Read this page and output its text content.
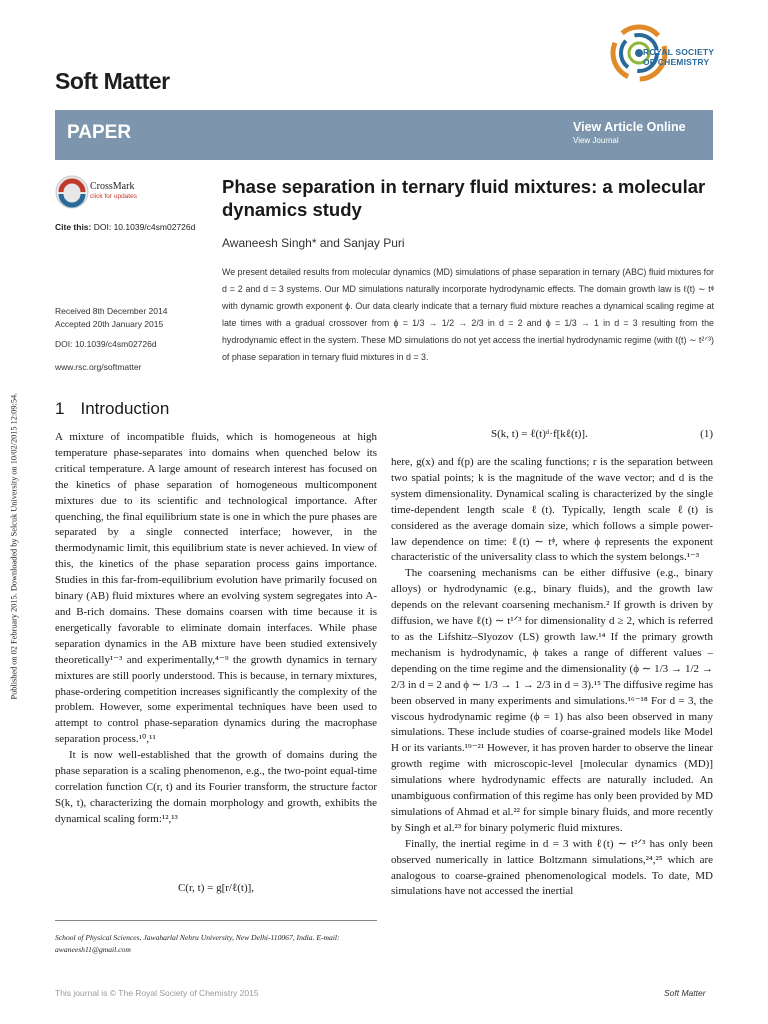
Published on 02 February 2015. Downloaded by Selcuk University on 10/02/2015 12:09:54.
ROYAL SOCIETY
OF CHEMISTRY
Soft Matter
PAPER	View Article Online
View Journal
CrossMark
click for updates
Cite this: DOI: 10.1039/c4sm02726d
Phase separation in ternary fluid mixtures: a molecular dynamics study
Awaneesh Singh* and Sanjay Puri
We present detailed results from molecular dynamics (MD) simulations of phase separation in ternary (ABC) fluid mixtures for d = 2 and d = 3 systems. Our MD simulations naturally incorporate hydrodynamic effects. The domain growth law is ℓ(t) ∼ tᶲ with dynamic growth exponent ϕ. Our data clearly indicate that a ternary fluid mixture reaches a dynamical scaling regime at late times with a gradual crossover from ϕ = 1/3 → 1/2 → 2/3 in d = 2 and ϕ = 1/3 → 1 in d = 3 resulting from the hydrodynamic effect in the system. These MD simulations do not yet access the inertial hydrodynamic regime (with ℓ(t) ∼ t²ᐟ³) of phase separation in ternary fluid mixtures in d = 3.
Received 8th December 2014
Accepted 20th January 2015
DOI: 10.1039/c4sm02726d
www.rsc.org/softmatter
1 Introduction

A mixture of incompatible fluids, which is homogeneous at high temperature phase-separates into domains when quenched below its critical temperature. A large amount of research interest has focused on the kinetics of phase separation of homogeneous multicomponent mixtures due to its scientific and technological importance. After quenching, the final equilibrium state is one in which the pure phases are separated by a single connected interface; however, in the thermodynamic limit, this equilibrium state is never achieved. In view of this, the kinetics of the phase separation process gains importance. Studies in this far-from-equilibrium evolution have primarily focused on binary (AB) fluid mixtures where an evolving system segregates into A- and B-rich domains. These domains coarsen with time because it is energetically favorable to eliminate domain interfaces. While phase separation dynamics in the AB mixture have been studied extensively theoretically¹⁻³ and experimentally,⁴⁻⁹ the growth dynamics in ternary mixtures are still poorly understood. This is because, in ternary mixtures, phase-ordering competition increases significantly the complexity of the problem. However, some experimental techniques have been used to attempt to control phase-separation dynamics during the macrophase separation process.¹⁰,¹¹

It is now well-established that the growth of domains during the phase separation is a scaling phenomenon, e.g., the two-point equal-time correlation function C(r, t) and its Fourier transform, the structure factor S(k, t), characterizing the domain morphology and growth, exhibits the dynamical scaling form:¹²,¹³

C(r, t) = g[r/ℓ(t)],
S(k, t) = ℓ(t)ᵈ·f[kℓ(t)].	(1)

here, g(x) and f(p) are the scaling functions; r is the separation between two spatial points; k is the magnitude of the wave vector; and d is the system dimensionality. Dynamical scaling is characterized by the single time-dependent length scale ℓ(t). Typically, length scale ℓ(t) is considered as the average domain size, which follows a simple power-law dependence on time: ℓ(t) ∼ tᶲ, where ϕ represents the exponent characteristic of the universality class to which the system belongs.¹⁻³

The coarsening mechanisms can be either diffusive (e.g., binary alloys) or hydrodynamic (e.g., binary fluids), and the growth law depends on the relevant coarsening mechanism.² If growth is driven by diffusion, we have ℓ(t) ∼ t¹ᐟ³ for dimensionality d ≥ 2, which is referred to as the Lifshitz–Slyozov (LS) growth law.¹⁴ If the primary growth mechanism is hydrodynamic, ϕ takes a range of different values – depending on the time regime and the dimensionality (ϕ ∼ 1/3 → 1/2 → 2/3 in d = 2 and ϕ ∼ 1/3 → 1 → 2/3 in d = 3).¹⁵ The diffusive regime has been observed in many experiments and simulations.¹⁶⁻¹⁸ For d = 3, the viscous hydrodynamic regime (ϕ = 1) has also been observed in many simulations. These include studies of coarse-grained models like Model H or its variants.¹⁹⁻²¹ However, it has proven harder to observe the linear growth regime with microscopic-level [molecular dynamics (MD)] simulations where hydrodynamic effects are naturally included. An unambiguous confirmation of this regime has only been provided by MD simulations of Ahmad et al.²² for simple binary fluids, and more recently by Singh et al.²³ for binary polymeric fluid mixtures.

Finally, the inertial regime in d = 3 with ℓ(t) ∼ t²ᐟ³ has only been observed numerically in lattice Boltzmann simulations,²⁴,²⁵ which are analogous to coarse-grained phenomenological models. To date, MD simulations have not accessed the inertial

School of Physical Sciences, Jawaharlal Nehru University, New Delhi-110067, India. E-mail: awaneesh11@gmail.com
This journal is © The Royal Society of Chemistry 2015	Soft Matter
